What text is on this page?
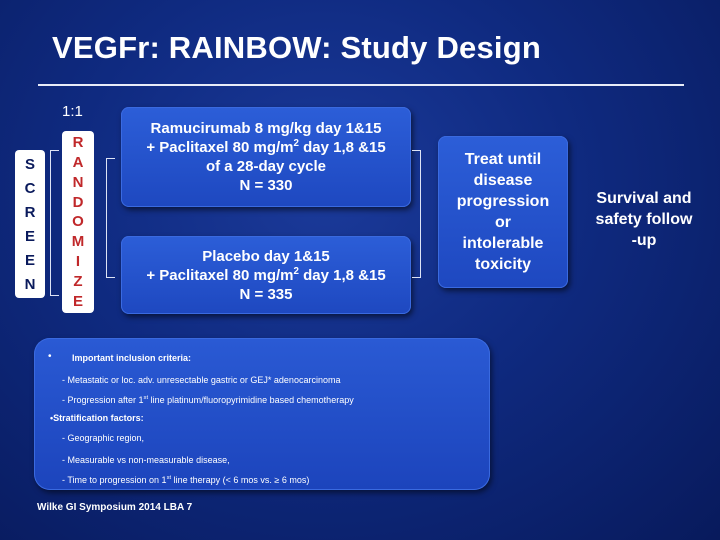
VEGFr: RAINBOW: Study Design
1:1
S
C
R
E
E
N
R
A
N
D
O
M
I
Z
E
Ramucirumab 8 mg/kg day 1&15
+ Paclitaxel 80 $mg/m^2$ day 1,8 &15
of a 28-day cycle
N = 330
Placebo day 1&15
+ Paclitaxel 80 $mg/m^2$ day 1,8 &15
N = 335
Treat until
disease
progression
or
intolerable
toxicity
Survival and
safety follow
-up
• Important inclusion criteria:
- Metastatic or loc. adv. unresectable gastric or GEJ* adenocarcinoma
- Progression after 1st line platinum/fluoropyrimidine based chemotherapy
•Stratification factors:
- Geographic region,
- Measurable vs non-measurable disease,
- Time to progression on 1st line therapy (< 6 mos vs. ≥ 6 mos)
Wilke GI Symposium 2014 LBA 7
